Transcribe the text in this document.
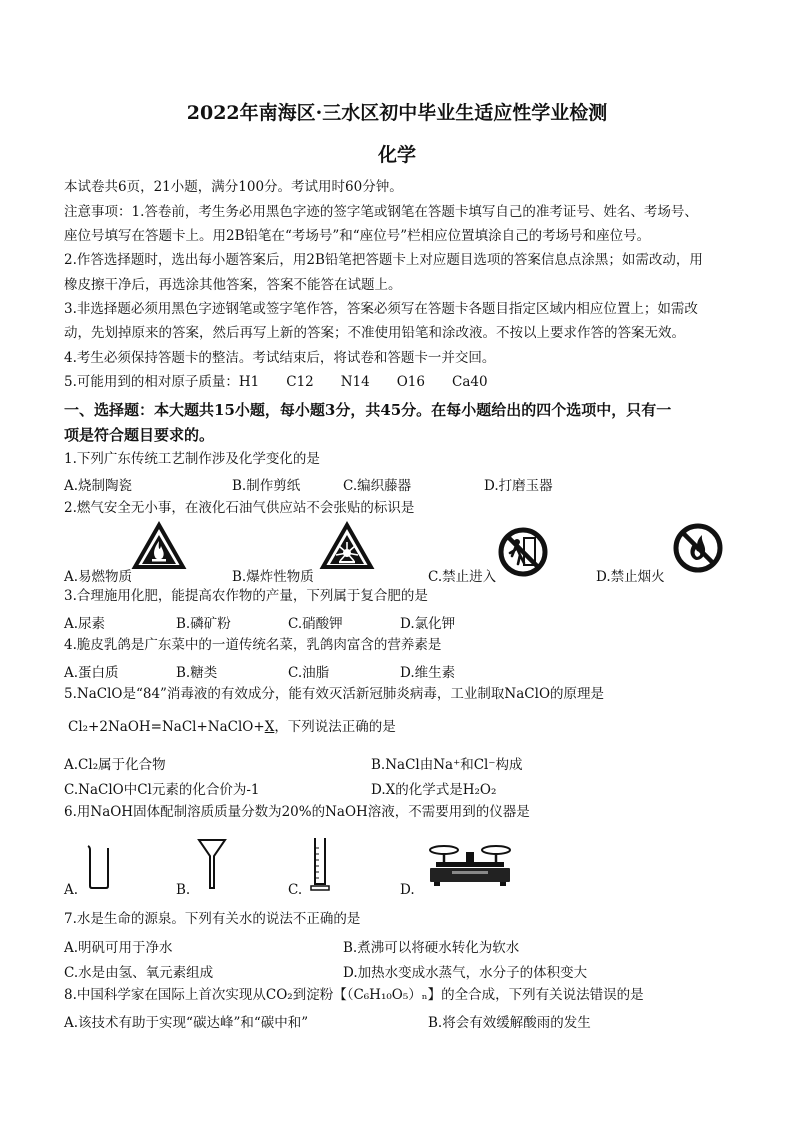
2022年南海区·三水区初中毕业生适应性学业检测
化学
本试卷共6页，21小题，满分100分。考试用时60分钟。
注意事项：1.答卷前，考生务必用黑色字迹的签字笔或钢笔在答题卡填写自己的准考证号、姓名、考场号、
座位号填写在答题卡上。用2B铅笔在“考场号”和“座位号”栏相应位置填涂自己的考场号和座位号。
2.作答选择题时，选出每小题答案后，用2B铅笔把答题卡上对应题目选项的答案信息点涂黑；如需改动，用
橡皮擦干净后，再选涂其他答案，答案不能答在试题上。
3.非选择题必须用黑色字迹钢笔或签字笔作答，答案必须写在答题卡各题目指定区域内相应位置上；如需改
动，先划掉原来的答案，然后再写上新的答案；不准使用铅笔和涂改液。不按以上要求作答的答案无效。
4.考生必须保持答题卡的整洁。考试结束后，将试卷和答题卡一并交回。
5.可能用到的相对原子质量：H1　　C12　　N14　　O16　　Ca40
一、选择题：本大题共15小题，每小题3分，共45分。在每小题给出的四个选项中，只有一
项是符合题目要求的。
1.下列广东传统工艺制作涉及化学变化的是
A.烧制陶瓷	B.制作剪纸	C.编织藤器	D.打磨玉器
2.燃气安全无小事，在液化石油气供应站不会张贴的标识是
A.易燃物质	B.爆炸性物质	C.禁止进入	D.禁止烟火
3.合理施用化肥，能提高农作物的产量，下列属于复合肥的是
A.尿素	B.磷矿粉	C.硝酸钾	D.氯化钾
4.脆皮乳鸽是广东菜中的一道传统名菜，乳鸽肉富含的营养素是
A.蛋白质	B.糖类	C.油脂	D.维生素
5.NaClO是“84”消毒液的有效成分，能有效灭活新冠肺炎病毒，工业制取NaClO的原理是
Cl₂+2NaOH=NaCl+NaClO+X，下列说法正确的是
A.Cl₂属于化合物	B.NaCl由Na⁺和Cl⁻构成
C.NaClO中Cl元素的化合价为-1	D.X的化学式是H₂O₂
6.用NaOH固体配制溶质质量分数为20%的NaOH溶液，不需要用到的仪器是
A.	B.	C.	D.
7.水是生命的源泉。下列有关水的说法不正确的是
A.明矾可用于净水	B.煮沸可以将硬水转化为软水
C.水是由氢、氧元素组成	D.加热水变成水蒸气，水分子的体积变大
8.中国科学家在国际上首次实现从CO₂到淀粉【（C₆H₁₀O₅）ₙ】的全合成，下列有关说法错误的是
A.该技术有助于实现“碳达峰”和“碳中和”	B.将会有效缓解酸雨的发生
